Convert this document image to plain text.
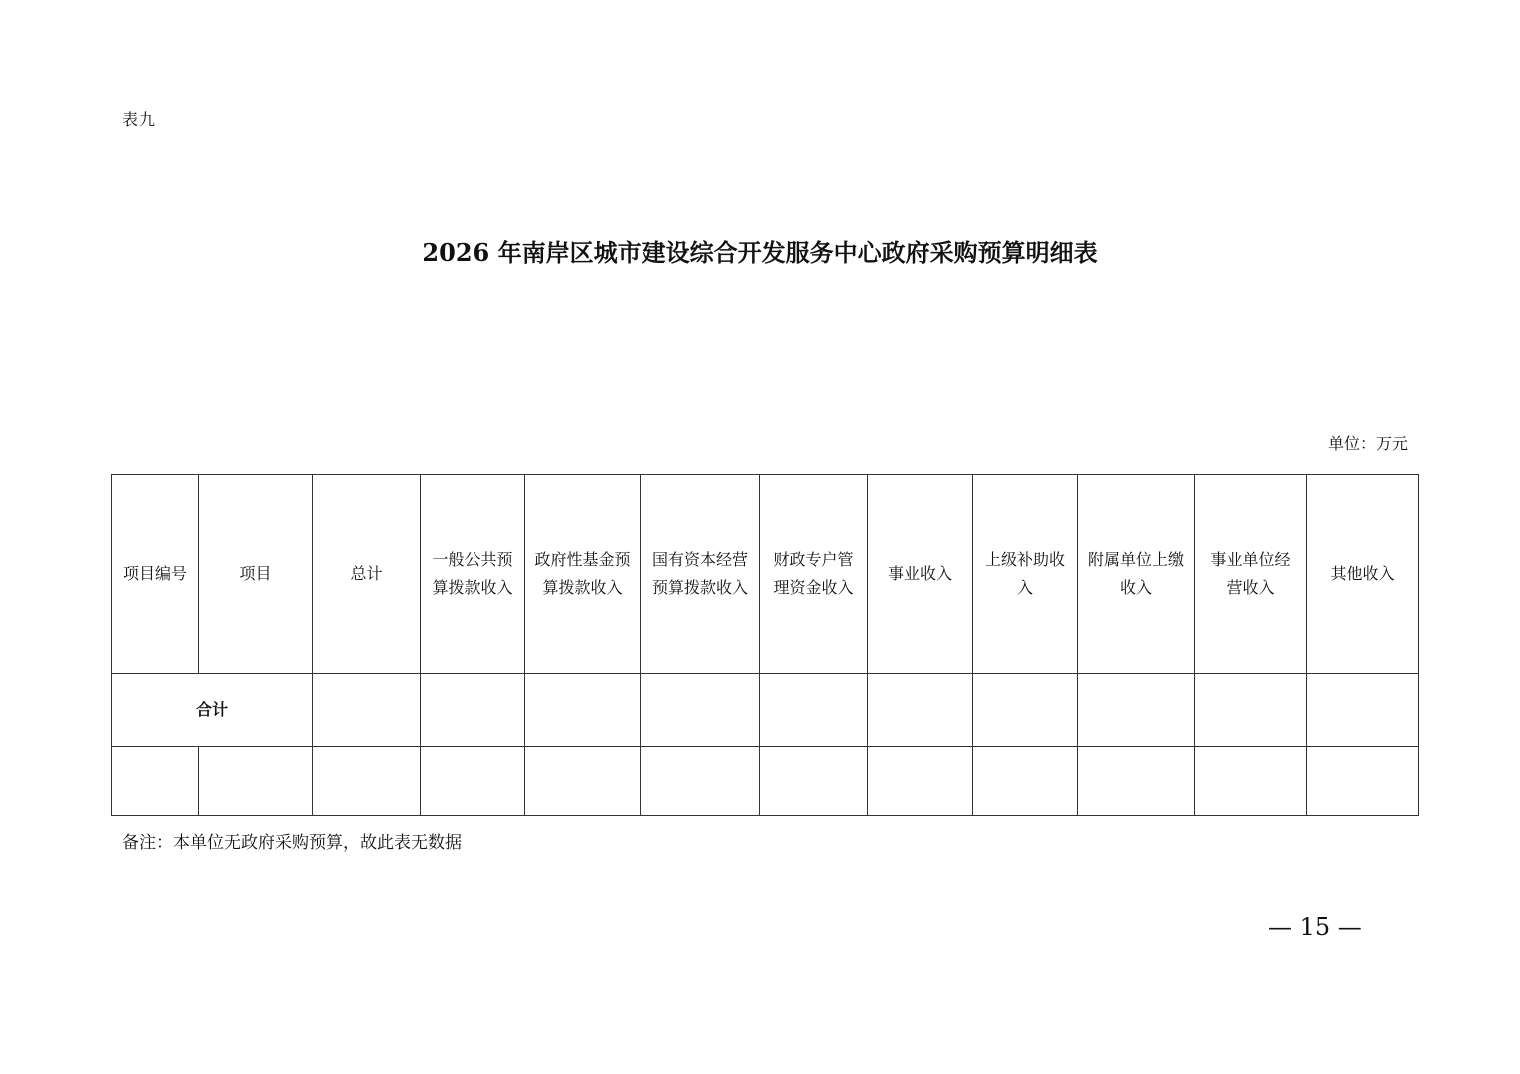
表九
2026 年南岸区城市建设综合开发服务中心政府采购预算明细表
单位：万元
项目编号	项目	总计	一般公共预算拨款收入	政府性基金预算拨款收入	国有资本经营预算拨款收入	财政专户管理资金收入	事业收入	上级补助收入	附属单位上缴收入	事业单位经营收入	其他收入
合计											

备注：本单位无政府采购预算，故此表无数据
— 15 —
